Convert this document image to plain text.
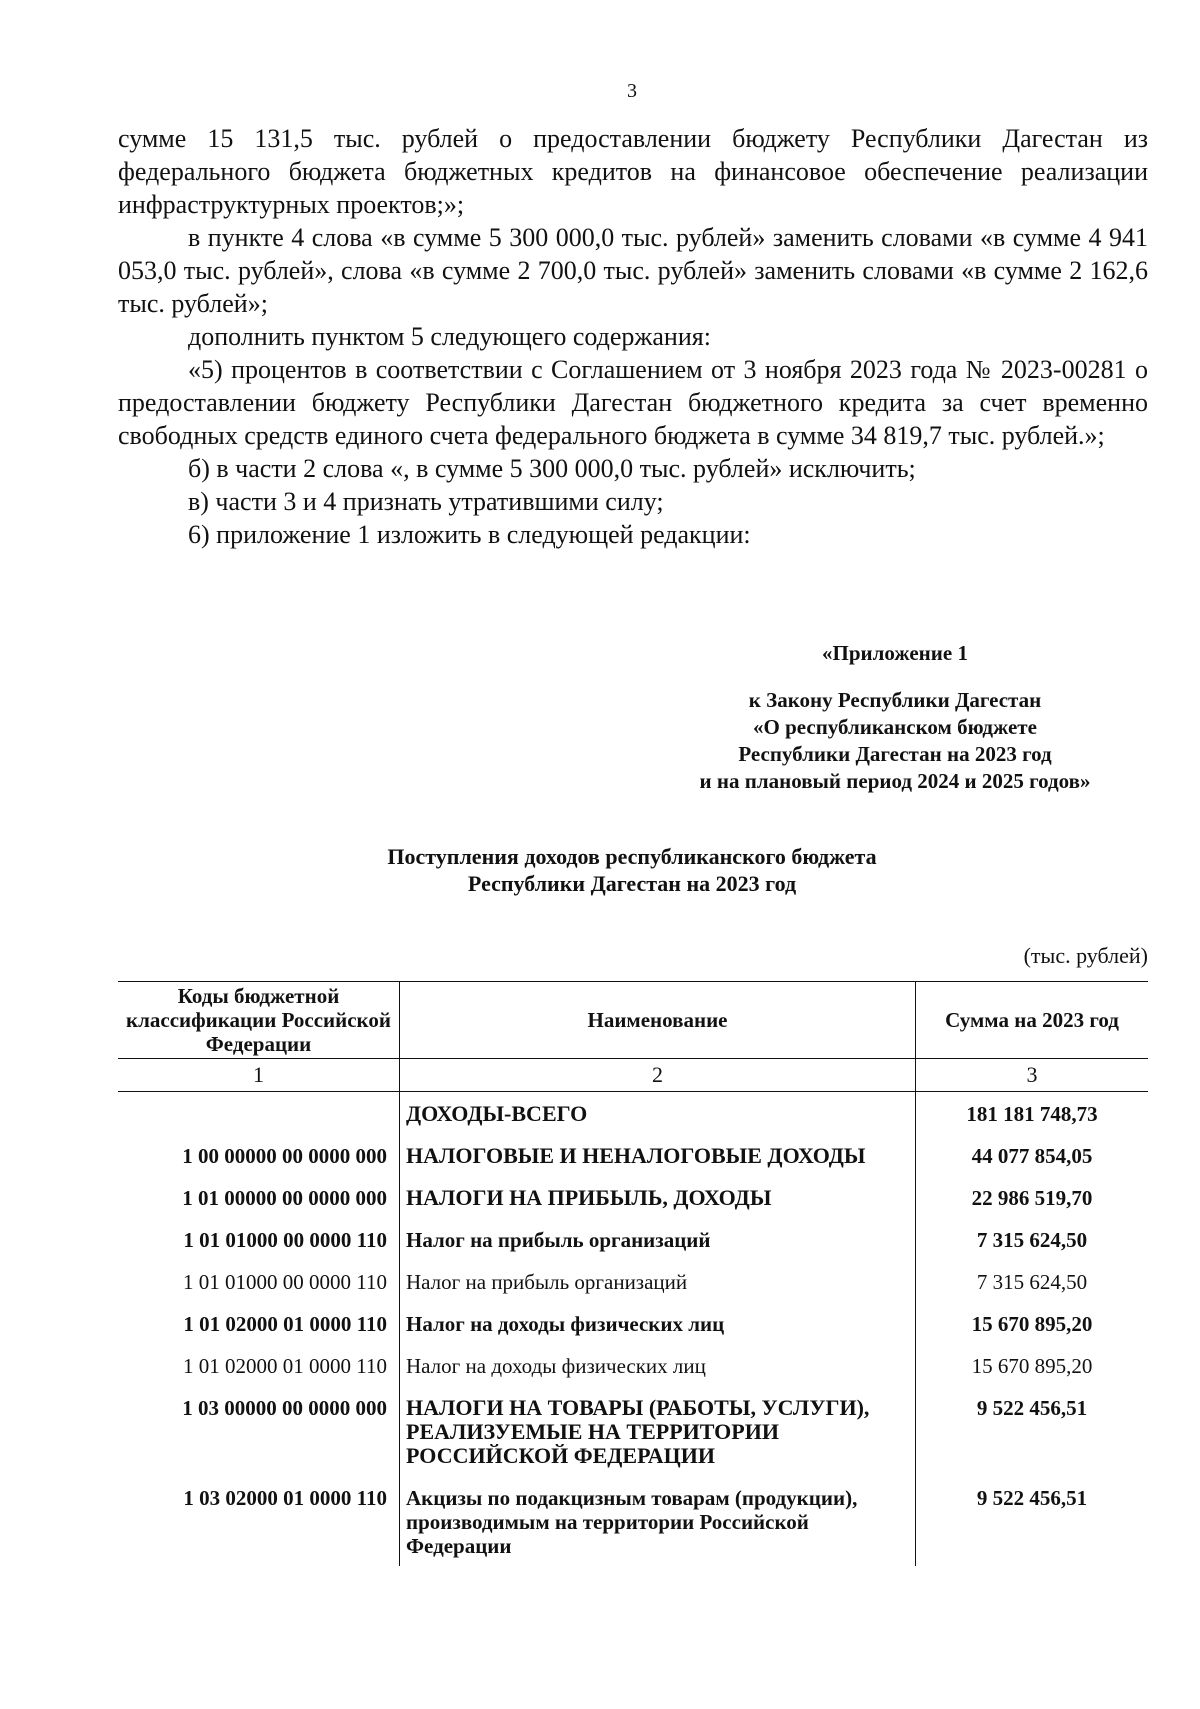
3

сумме 15 131,5 тыс. рублей о предоставлении бюджету Республики Дагестан из федерального бюджета бюджетных кредитов на финансовое обеспечение реализации инфраструктурных проектов;»;

в пункте 4 слова «в сумме 5 300 000,0 тыс. рублей» заменить словами «в сумме 4 941 053,0 тыс. рублей», слова «в сумме 2 700,0 тыс. рублей» заменить словами «в сумме 2 162,6 тыс. рублей»;

дополнить пунктом 5 следующего содержания:

«5) процентов в соответствии с Соглашением от 3 ноября 2023 года № 2023-00281 о предоставлении бюджету Республики Дагестан бюджетного кредита за счет временно свободных средств единого счета федерального бюджета в сумме 34 819,7 тыс. рублей.»;

б) в части 2 слова «, в сумме 5 300 000,0 тыс. рублей» исключить;

в) части 3 и 4 признать утратившими силу;

6) приложение 1 изложить в следующей редакции:

«Приложение 1
к Закону Республики Дагестан
«О республиканском бюджете
Республики Дагестан на 2023 год
и на плановый период 2024 и 2025 годов»
Поступления доходов республиканского бюджета
Республики Дагестан на 2023 год
(тыс. рублей)
Коды бюджетной классификации Российской Федерации	Наименование	Сумма на 2023 год
1	2	3
	ДОХОДЫ-ВСЕГО	181 181 748,73
1 00 00000 00 0000 000	НАЛОГОВЫЕ И НЕНАЛОГОВЫЕ ДОХОДЫ	44 077 854,05
1 01 00000 00 0000 000	НАЛОГИ НА ПРИБЫЛЬ, ДОХОДЫ	22 986 519,70
1 01 01000 00 0000 110	Налог на прибыль организаций	7 315 624,50
1 01 01000 00 0000 110	Налог на прибыль организаций	7 315 624,50
1 01 02000 01 0000 110	Налог на доходы физических лиц	15 670 895,20
1 01 02000 01 0000 110	Налог на доходы физических лиц	15 670 895,20
1 03 00000 00 0000 000	НАЛОГИ НА ТОВАРЫ (РАБОТЫ, УСЛУГИ), РЕАЛИЗУЕМЫЕ НА ТЕРРИТОРИИ РОССИЙСКОЙ ФЕДЕРАЦИИ	9 522 456,51
1 03 02000 01 0000 110	Акцизы по подакцизным товарам (продукции), производимым на территории Российской Федерации	9 522 456,51
